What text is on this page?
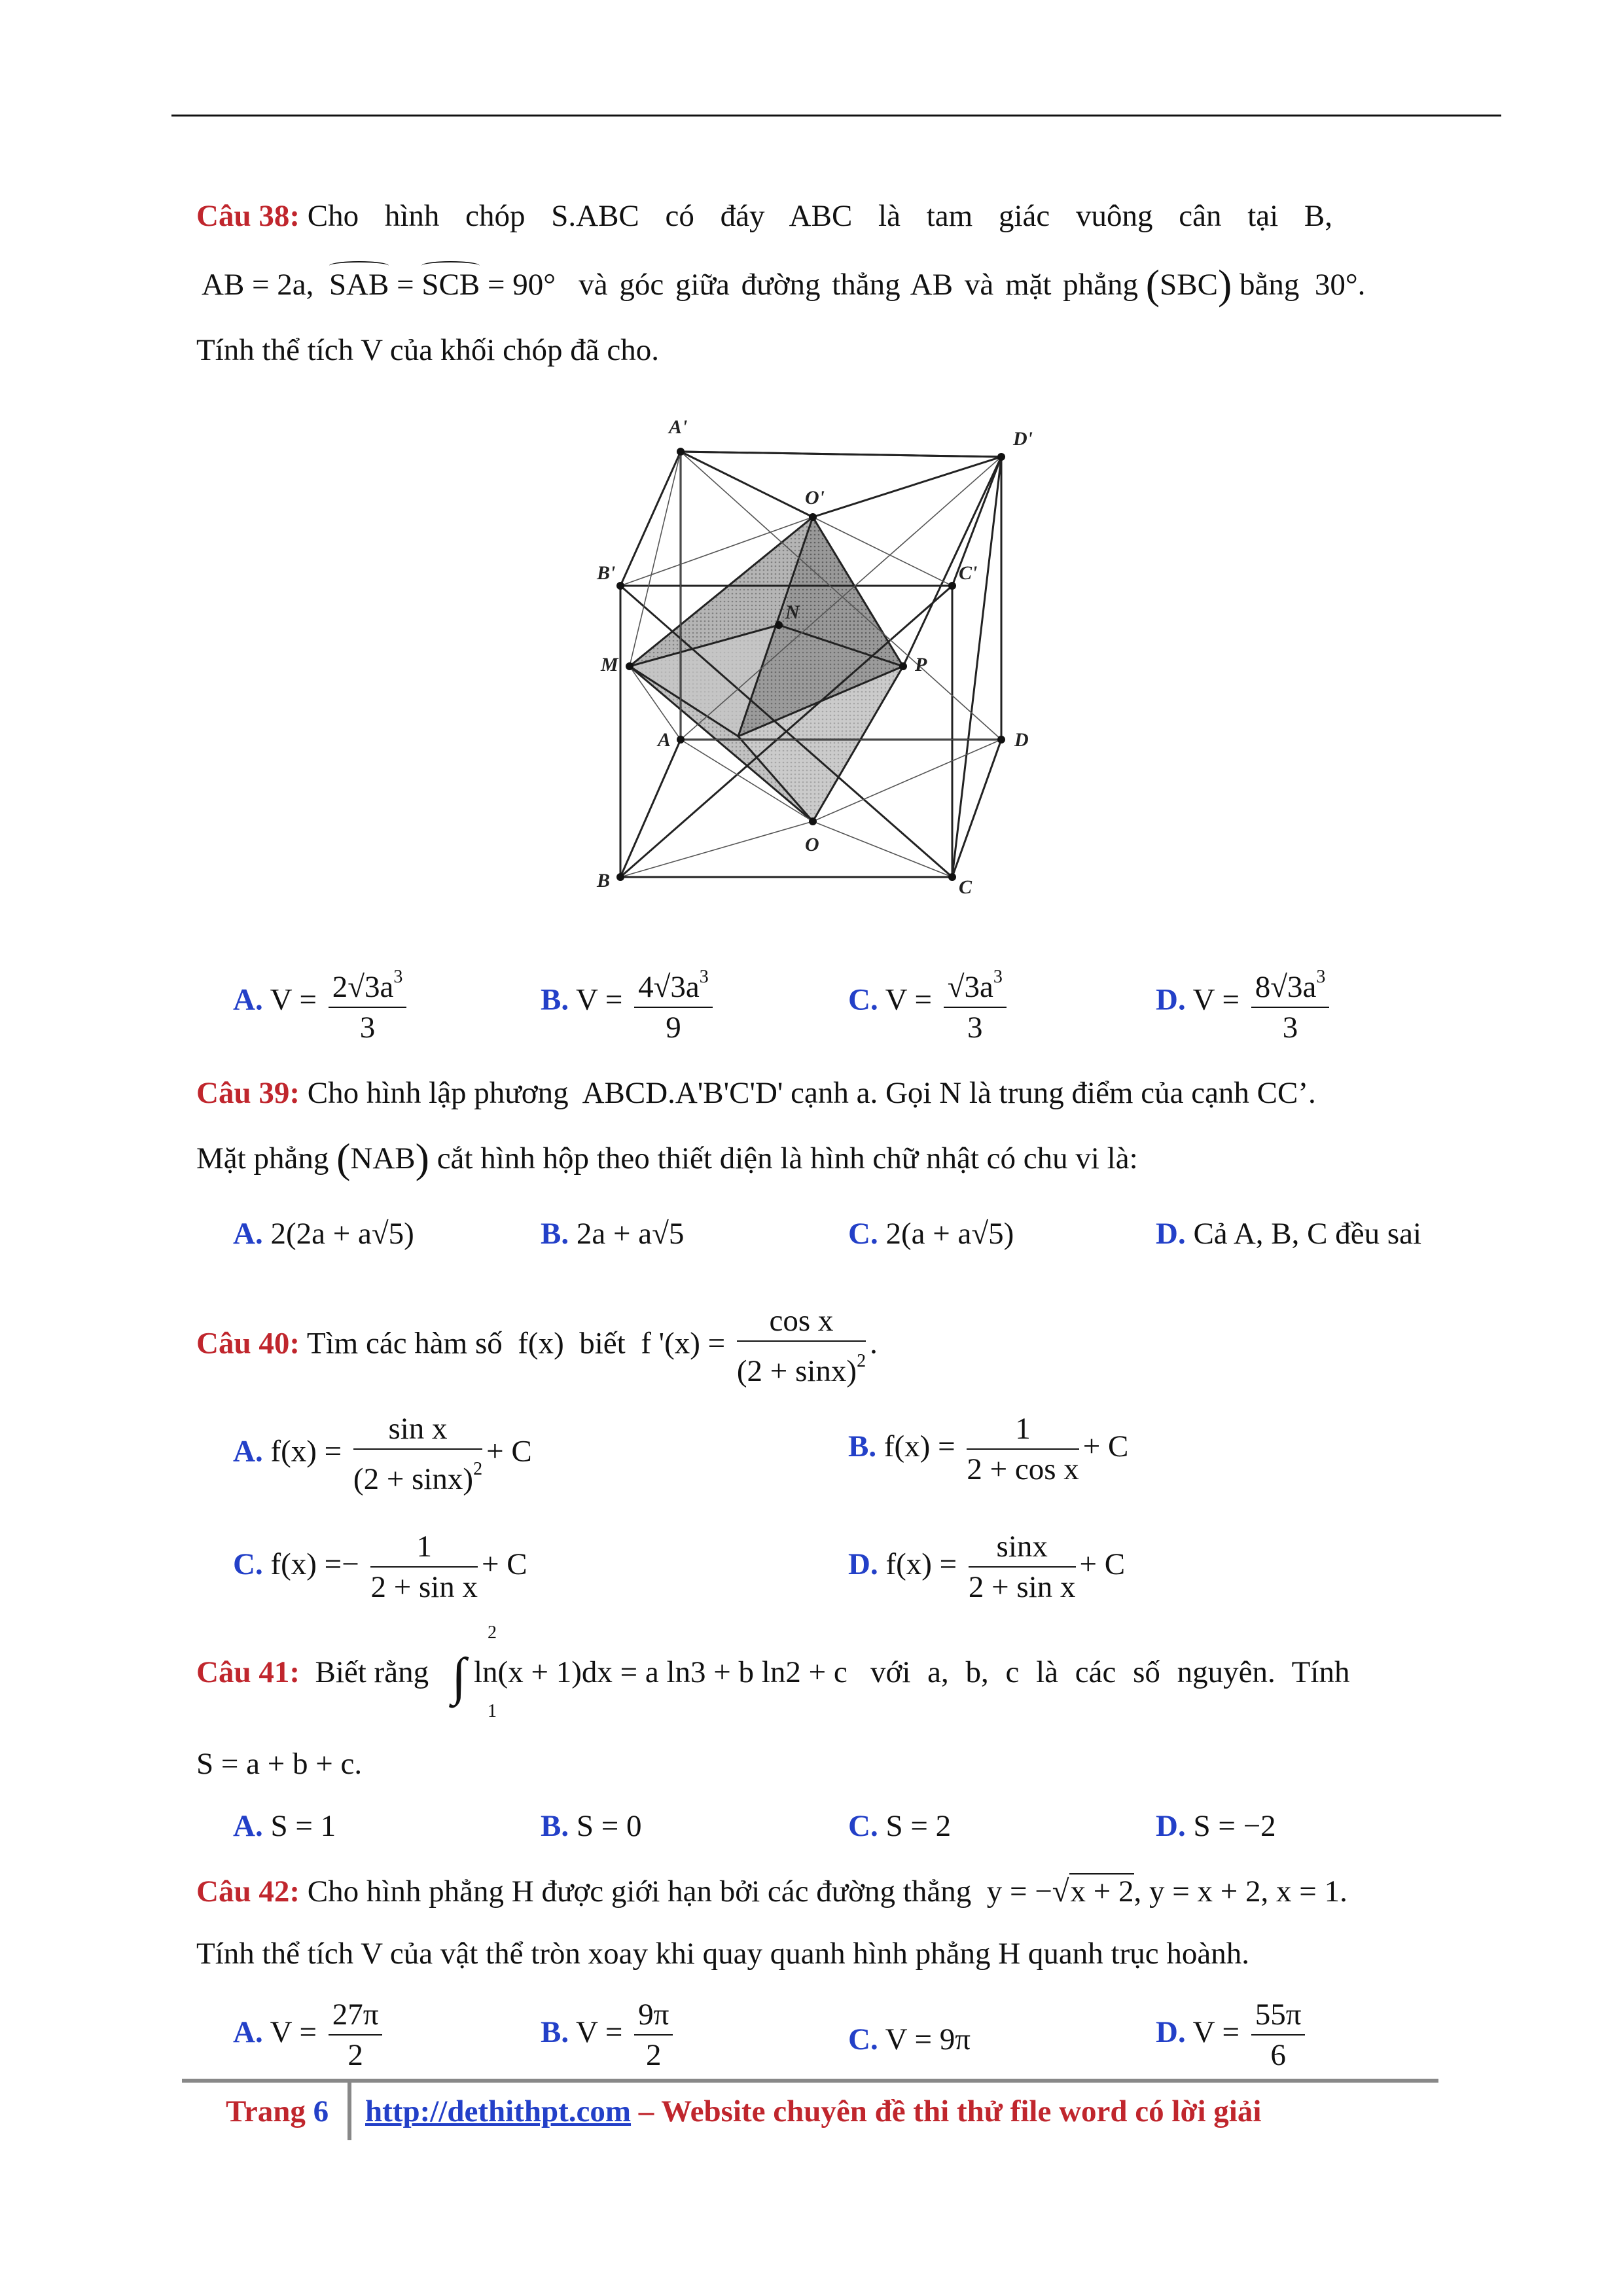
Câu 38: Cho hình chóp S.ABC có đáy ABC là tam giác vuông cân tại B,
AB = 2a, SAB = SCB = 90° và góc giữa đường thẳng AB và mặt phẳng (SBC) bằng 30°.
Tính thể tích V của khối chóp đã cho.
A'
D'
O'
B'	C'
M	P
A	D
O
B	C
N
A. $V = \frac{2√3a^3}{3}$	B. $V = \frac{4√3a^3}{9}$	C. $V = \frac{√3a^3}{3}$	D. $V = \frac{8√3a^3}{3}$
Câu 39: Cho hình lập phương ABCD.A'B'C'D' cạnh a. Gọi N là trung điểm của cạnh CC’.
Mặt phẳng (NAB) cắt hình hộp theo thiết diện là hình chữ nhật có chu vi là:
A. 2(2a + a√5)	B. 2a + a√5	C. 2(a + a√5)	D. Cả A, B, C đều sai
Câu 40: Tìm các hàm số f(x) biết f '$(x) = \frac{\text{cos x}}{(2 + \sin x)^2}$ .
A. $f(x) = \frac{\text{sin x}}{(2 + \sin x)^2} + C$	B. $f(x) = \frac{1}{\text{2 + cos x}} + C$
C. $f(x) =- \frac{1}{\text{2 + sin x}} + C$	D. $f(x) = \frac{\sin x}{\text{2 + sin x}} + C$
2
1
Câu 41: Biết rằng ∫ ln(x + 1)dx = a ln3 + b ln2 + c với a, b, c là các số nguyên. Tính
S = a + b + c.
A. S = 1	B. S = 0	C. S = 2	D. S = −2
Câu 42: Cho hình phẳng H được giới hạn bởi các đường thẳng y = −√x + 2, y = x + 2, x = 1.
Tính thể tích V của vật thể tròn xoay khi quay quanh hình phẳng H quanh trục hoành.
A. $V = \frac{27\pi}{2}$	B. $V = \frac{9\pi}{2}$	C. V = 9π	D. $V = \frac{55\pi}{6}$
Trang 6 http://dethithpt.com – Website chuyên đề thi thử file word có lời giải
